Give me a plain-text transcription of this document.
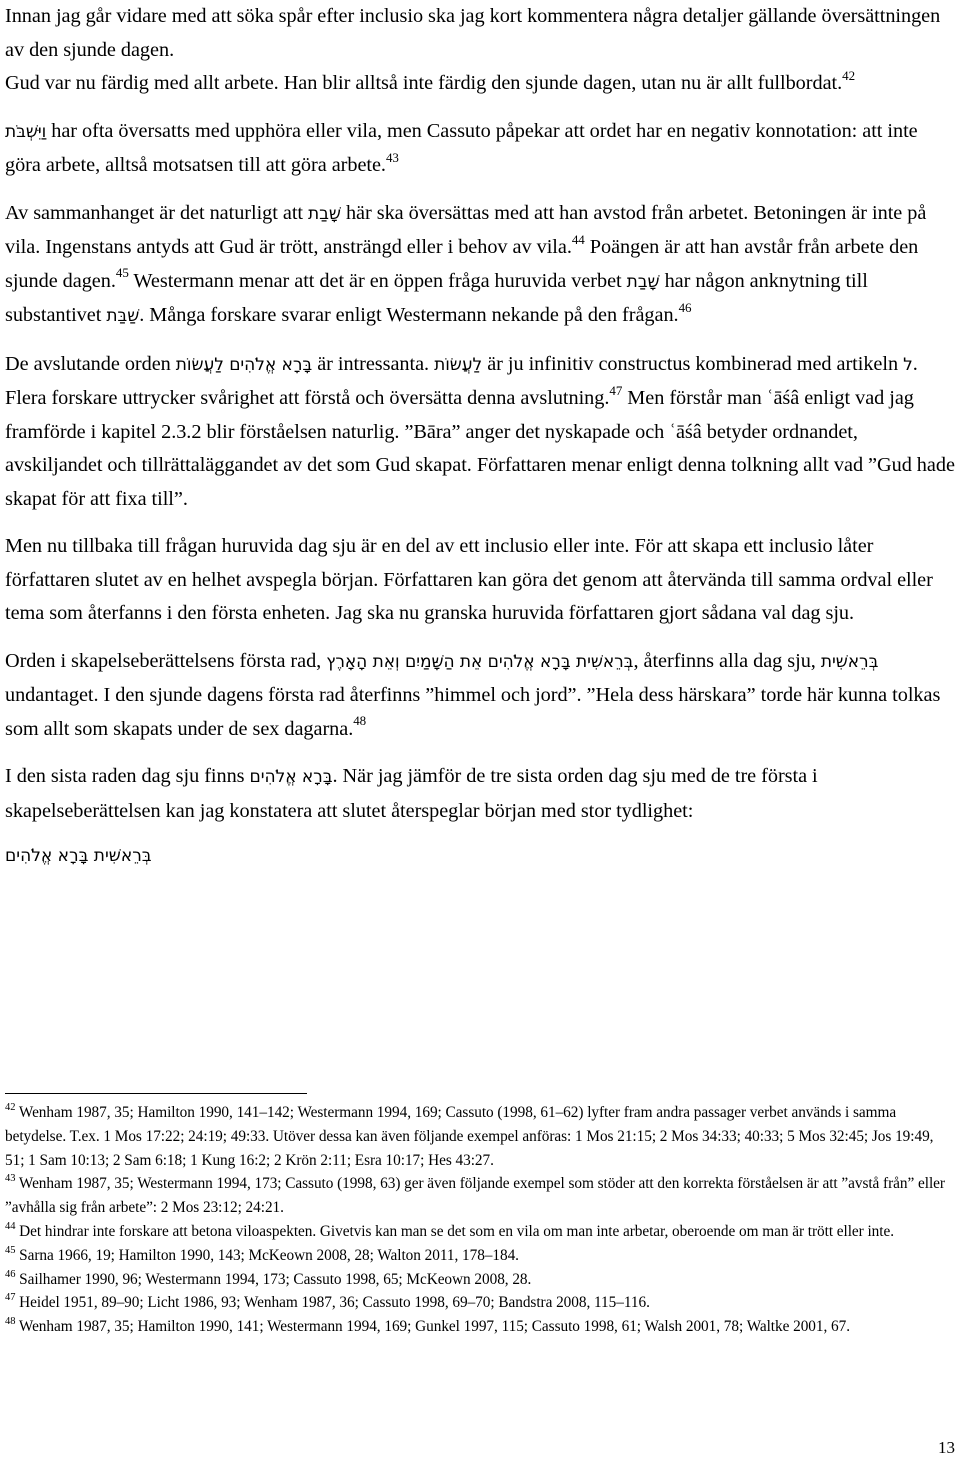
Innan jag går vidare med att söka spår efter inclusio ska jag kort kommentera några detaljer gällande översättningen av den sjunde dagen.

Gud var nu färdig med allt arbete. Han blir alltså inte färdig den sjunde dagen, utan nu är allt fullbordat.$^{42}$

וַיִּשְׁבֹּת har ofta översatts med upphöra eller vila, men Cassuto påpekar att ordet har en negativ konnotation: att inte göra arbete, alltså motsatsen till att göra arbete.$^{43}$

Av sammanhanget är det naturligt att שָׁבַת här ska översättas med att han avstod från arbetet. Betoningen är inte på vila. Ingenstans antyds att Gud är trött, ansträngd eller i behov av vila.$^{44}$ Poängen är att han avstår från arbete den sjunde dagen.$^{45}$ Westermann menar att det är en öppen fråga huruvida verbet שָׁבַת har någon anknytning till substantivet שַׁבַּת. Många forskare svarar enligt Westermann nekande på den frågan.$^{46}$

De avslutande orden בָּרָא אֱלֹהִים לַעֲשׂוֹת är intressanta. לַעֲשׂוֹת är ju infinitiv constructus kombinerad med artikeln ל. Flera forskare uttrycker svårighet att förstå och översätta denna avslutning.$^{47}$ Men förstår man ʿāśâ enligt vad jag framförde i kapitel 2.3.2 blir förståelsen naturlig. ”Bāra” anger det nyskapade och ʿāśâ betyder ordnandet, avskiljandet och tillrättaläggandet av det som Gud skapat. Författaren menar enligt denna tolkning allt vad ”Gud hade skapat för att fixa till”.

Men nu tillbaka till frågan huruvida dag sju är en del av ett inclusio eller inte. För att skapa ett inclusio låter författaren slutet av en helhet avspegla början. Författaren kan göra det genom att återvända till samma ordval eller tema som återfanns i den första enheten. Jag ska nu granska huruvida författaren gjort sådana val dag sju.

Orden i skapelseberättelsens första rad, בְּרֵאשִׁית בָּרָא אֱלֹהִים אֵת הַשָּׁמַיִם וְאֵת הָאָרֶץ, återfinns alla dag sju, בְּרֵאשִׁית undantaget. I den sjunde dagens första rad återfinns ”himmel och jord”. ”Hela dess härskara” torde här kunna tolkas som allt som skapats under de sex dagarna.$^{48}$

I den sista raden dag sju finns בָּרָא אֱלֹהִים. När jag jämför de tre sista orden dag sju med de tre första i skapelseberättelsen kan jag konstatera att slutet återspeglar början med stor tydlighet:

בְּרֵאשִׁית בָּרָא אֱלֹהִים

$^{42}$ Wenham 1987, 35; Hamilton 1990, 141–142; Westermann 1994, 169; Cassuto (1998, 61–62) lyfter fram andra passager verbet används i samma betydelse. T.ex. 1 Mos 17:22; 24:19; 49:33. Utöver dessa kan även följande exempel anföras: 1 Mos 21:15; 2 Mos 34:33; 40:33; 5 Mos 32:45; Jos 19:49, 51; 1 Sam 10:13; 2 Sam 6:18; 1 Kung 16:2; 2 Krön 2:11; Esra 10:17; Hes 43:27.

$^{43}$ Wenham 1987, 35; Westermann 1994, 173; Cassuto (1998, 63) ger även följande exempel som stöder att den korrekta förståelsen är att ”avstå från” eller ”avhålla sig från arbete”: 2 Mos 23:12; 24:21.

$^{44}$ Det hindrar inte forskare att betona viloaspekten. Givetvis kan man se det som en vila om man inte arbetar, oberoende om man är trött eller inte.

$^{45}$ Sarna 1966, 19; Hamilton 1990, 143; McKeown 2008, 28; Walton 2011, 178–184.

$^{46}$ Sailhamer 1990, 96; Westermann 1994, 173; Cassuto 1998, 65; McKeown 2008, 28.

$^{47}$ Heidel 1951, 89–90; Licht 1986, 93; Wenham 1987, 36; Cassuto 1998, 69–70; Bandstra 2008, 115–116.

$^{48}$ Wenham 1987, 35; Hamilton 1990, 141; Westermann 1994, 169; Gunkel 1997, 115; Cassuto 1998, 61; Walsh 2001, 78; Waltke 2001, 67.

13
